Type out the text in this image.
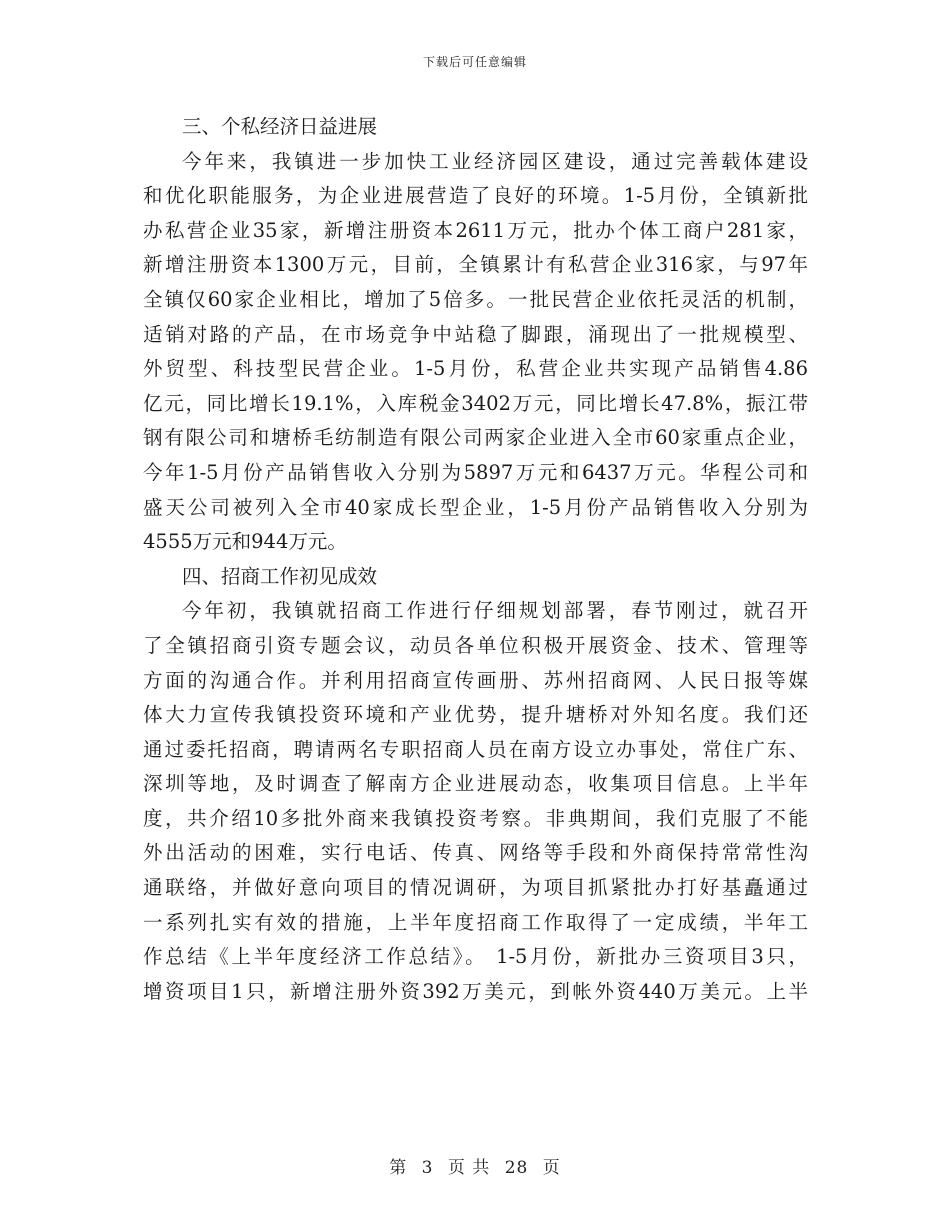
下载后可任意编辑
三、个私经济日益进展
今年来，我镇进一步加快工业经济园区建设，通过完善载体建设
和优化职能服务，为企业进展营造了良好的环境。1-5月份，全镇新批
办私营企业35家，新增注册资本2611万元，批办个体工商户281家，
新增注册资本1300万元，目前，全镇累计有私营企业316家，与97年
全镇仅60家企业相比，增加了5倍多。一批民营企业依托灵活的机制，
适销对路的产品，在市场竞争中站稳了脚跟，涌现出了一批规模型、
外贸型、科技型民营企业。1-5月份，私营企业共实现产品销售4.86
亿元，同比增长19.1%，入库税金3402万元，同比增长47.8%，振江带
钢有限公司和塘桥毛纺制造有限公司两家企业进入全市60家重点企业，
今年1-5月份产品销售收入分别为5897万元和6437万元。华程公司和
盛天公司被列入全市40家成长型企业，1-5月份产品销售收入分别为
4555万元和944万元。
四、招商工作初见成效
今年初，我镇就招商工作进行仔细规划部署，春节刚过，就召开
了全镇招商引资专题会议，动员各单位积极开展资金、技术、管理等
方面的沟通合作。并利用招商宣传画册、苏州招商网、人民日报等媒
体大力宣传我镇投资环境和产业优势，提升塘桥对外知名度。我们还
通过委托招商，聘请两名专职招商人员在南方设立办事处，常住广东、
深圳等地，及时调查了解南方企业进展动态，收集项目信息。上半年
度，共介绍10多批外商来我镇投资考察。非典期间，我们克服了不能
外出活动的困难，实行电话、传真、网络等手段和外商保持常常性沟
通联络，并做好意向项目的情况调研，为项目抓紧批办打好基矗通过
一系列扎实有效的措施，上半年度招商工作取得了一定成绩，半年工
作总结《上半年度经济工作总结》。 1-5月份，新批办三资项目3只，
增资项目1只，新增注册外资392万美元，到帐外资440万美元。上半
第 3 页 共 28 页
